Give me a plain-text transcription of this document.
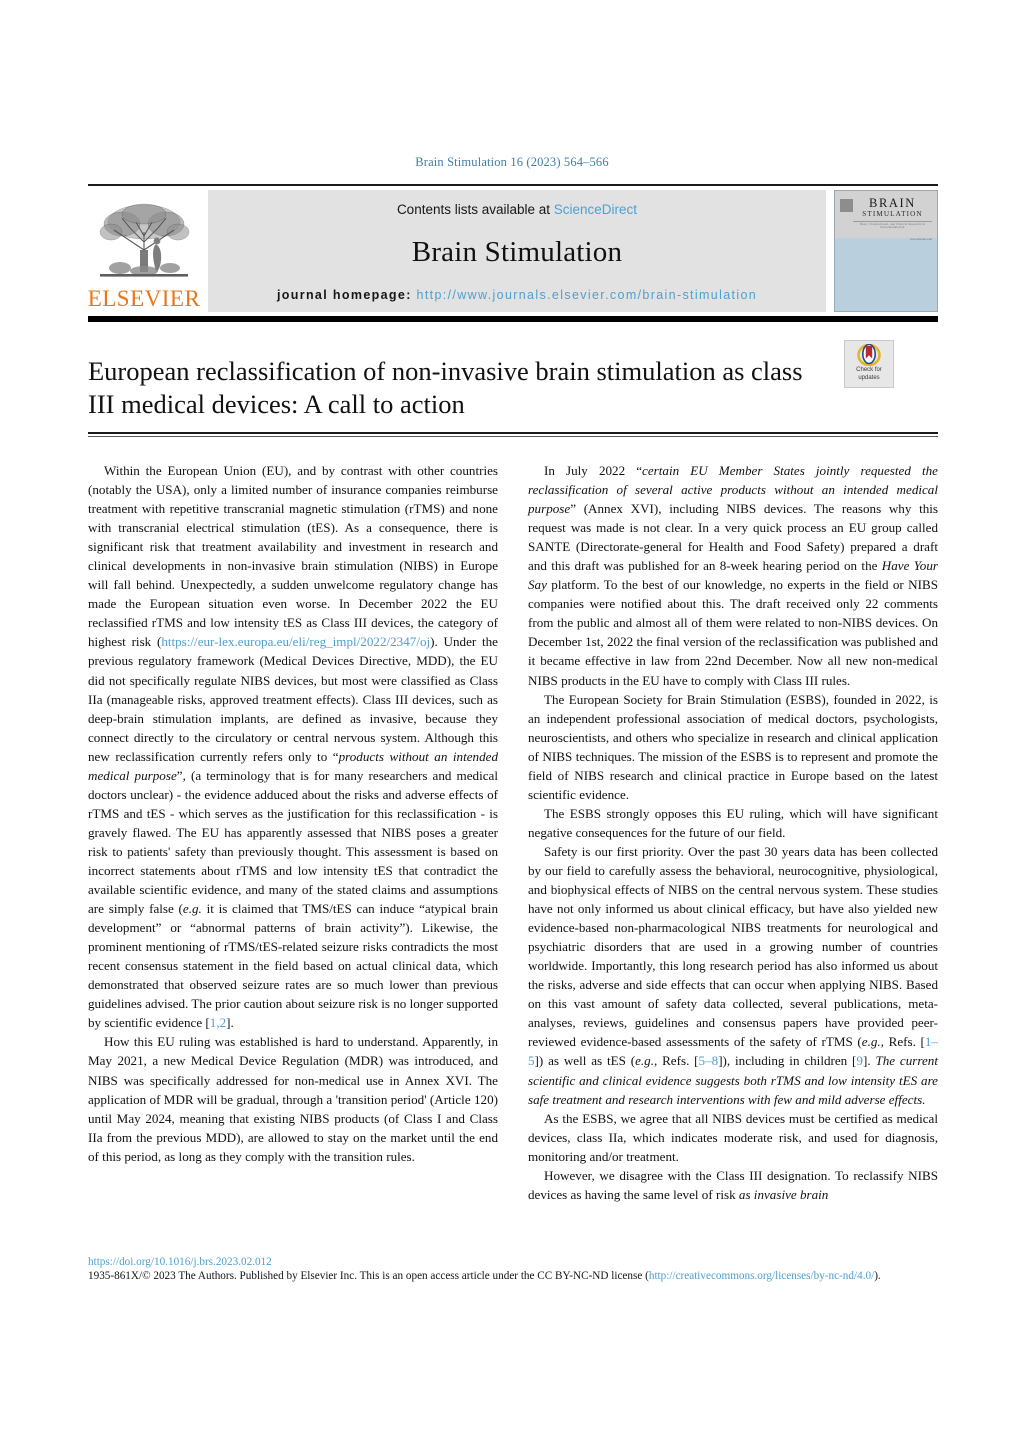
Brain Stimulation 16 (2023) 564–566
ELSEVIER
Contents lists available at ScienceDirect
Brain Stimulation
journal homepage: http://www.journals.elsevier.com/brain-stimulation
BRAIN
STIMULATION
Basic, Translational, and Clinical Research in Neuromodulation
www.elsevier.com
European reclassification of non-invasive brain stimulation as class III medical devices: A call to action
Check for
updates

Within the European Union (EU), and by contrast with other countries (notably the USA), only a limited number of insurance companies reimburse treatment with repetitive transcranial magnetic stimulation (rTMS) and none with transcranial electrical stimulation (tES). As a consequence, there is significant risk that treatment availability and investment in research and clinical developments in non-invasive brain stimulation (NIBS) in Europe will fall behind. Unexpectedly, a sudden unwelcome regulatory change has made the European situation even worse. In December 2022 the EU reclassified rTMS and low intensity tES as Class III devices, the category of highest risk (https://eur-lex.europa.eu/eli/reg_impl/2022/2347/oj). Under the previous regulatory framework (Medical Devices Directive, MDD), the EU did not specifically regulate NIBS devices, but most were classified as Class IIa (manageable risks, approved treatment effects). Class III devices, such as deep-brain stimulation implants, are defined as invasive, because they connect directly to the circulatory or central nervous system. Although this new reclassification currently refers only to “products without an intended medical purpose”, (a terminology that is for many researchers and medical doctors unclear) - the evidence adduced about the risks and adverse effects of rTMS and tES - which serves as the justification for this reclassification - is gravely flawed. The EU has apparently assessed that NIBS poses a greater risk to patients' safety than previously thought. This assessment is based on incorrect statements about rTMS and low intensity tES that contradict the available scientific evidence, and many of the stated claims and assumptions are simply false (e.g. it is claimed that TMS/tES can induce “atypical brain development” or “abnormal patterns of brain activity”). Likewise, the prominent mentioning of rTMS/tES-related seizure risks contradicts the most recent consensus statement in the field based on actual clinical data, which demonstrated that observed seizure rates are so much lower than previous guidelines advised. The prior caution about seizure risk is no longer supported by scientific evidence [1,2].

How this EU ruling was established is hard to understand. Apparently, in May 2021, a new Medical Device Regulation (MDR) was introduced, and NIBS was specifically addressed for non-medical use in Annex XVI. The application of MDR will be gradual, through a 'transition period' (Article 120) until May 2024, meaning that existing NIBS products (of Class I and Class IIa from the previous MDD), are allowed to stay on the market until the end of this period, as long as they comply with the transition rules.

In July 2022 “certain EU Member States jointly requested the reclassification of several active products without an intended medical purpose” (Annex XVI), including NIBS devices. The reasons why this request was made is not clear. In a very quick process an EU group called SANTE (Directorate-general for Health and Food Safety) prepared a draft and this draft was published for an 8-week hearing period on the Have Your Say platform. To the best of our knowledge, no experts in the field or NIBS companies were notified about this. The draft received only 22 comments from the public and almost all of them were related to non-NIBS devices. On December 1st, 2022 the final version of the reclassification was published and it became effective in law from 22nd December. Now all new non-medical NIBS products in the EU have to comply with Class III rules.

The European Society for Brain Stimulation (ESBS), founded in 2022, is an independent professional association of medical doctors, psychologists, neuroscientists, and others who specialize in research and clinical application of NIBS techniques. The mission of the ESBS is to represent and promote the field of NIBS research and clinical practice in Europe based on the latest scientific evidence.

The ESBS strongly opposes this EU ruling, which will have significant negative consequences for the future of our field.

Safety is our first priority. Over the past 30 years data has been collected by our field to carefully assess the behavioral, neurocognitive, physiological, and biophysical effects of NIBS on the central nervous system. These studies have not only informed us about clinical efficacy, but have also yielded new evidence-based non-pharmacological NIBS treatments for neurological and psychiatric disorders that are used in a growing number of countries worldwide. Importantly, this long research period has also informed us about the risks, adverse and side effects that can occur when applying NIBS. Based on this vast amount of safety data collected, several publications, meta-analyses, reviews, guidelines and consensus papers have provided peer-reviewed evidence-based assessments of the safety of rTMS (e.g., Refs. [1–5]) as well as tES (e.g., Refs. [5–8]), including in children [9]. The current scientific and clinical evidence suggests both rTMS and low intensity tES are safe treatment and research interventions with few and mild adverse effects.

As the ESBS, we agree that all NIBS devices must be certified as medical devices, class IIa, which indicates moderate risk, and used for diagnosis, monitoring and/or treatment.

However, we disagree with the Class III designation. To reclassify NIBS devices as having the same level of risk as invasive brain

https://doi.org/10.1016/j.brs.2023.02.012
1935-861X/© 2023 The Authors. Published by Elsevier Inc. This is an open access article under the CC BY-NC-ND license (http://creativecommons.org/licenses/by-nc-nd/4.0/).
